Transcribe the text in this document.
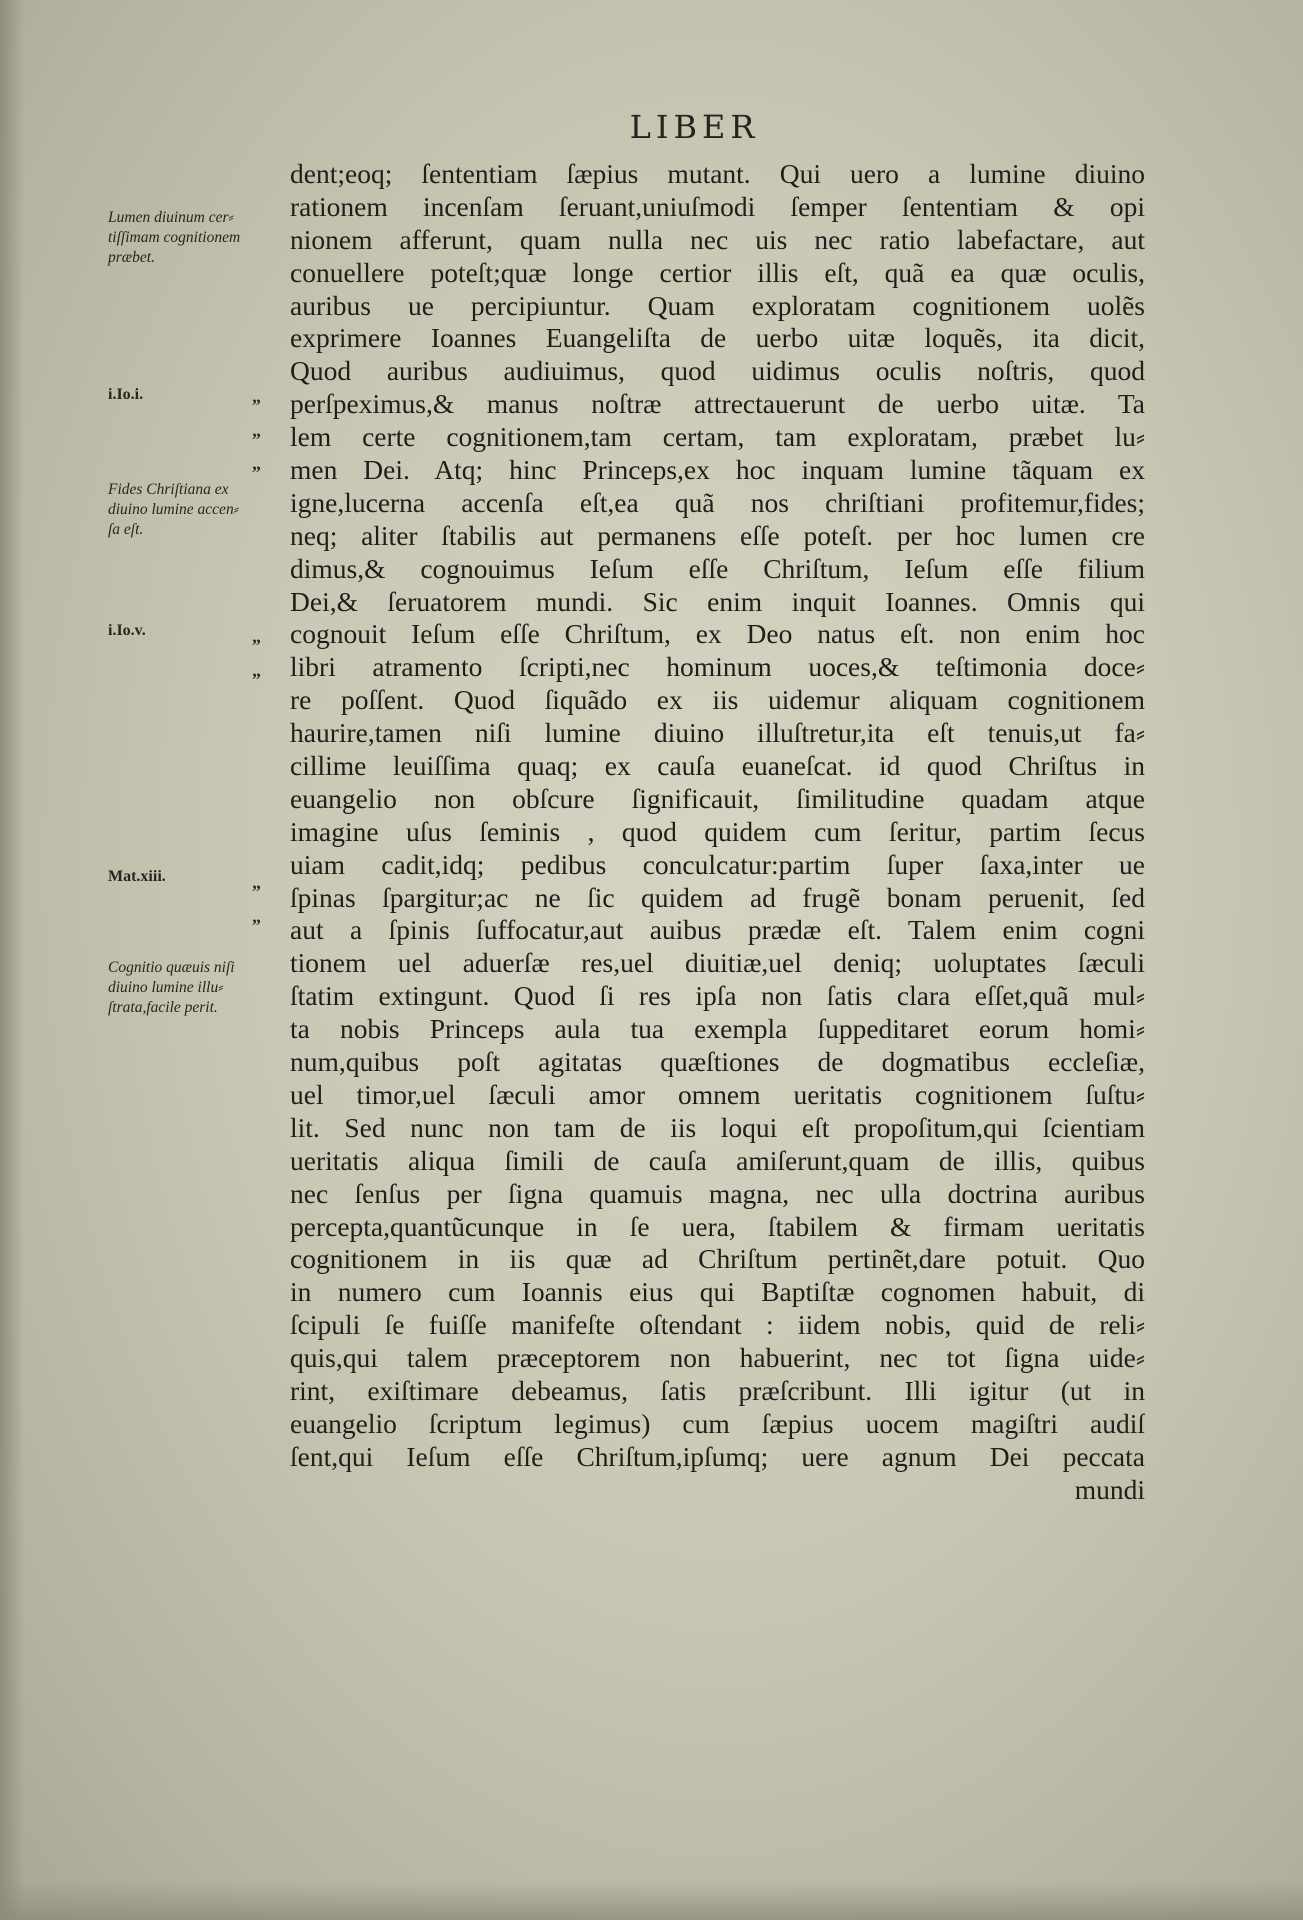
LIBER
Lumen diuinum cer⸗
tiſſimam cognitionem
præbet.
Fides Chriſtiana ex
diuino lumine accen⸗
ſa eſt.
Cognitio quæuis niſi
diuino lumine illu⸗
ſtrata,facile perit.
i.Io.i.
i.Io.v.
Mat.xiii.
„
„
„
„
„
„
„
dent;eoq; ſententiam ſæpius mutant. Qui uero a lumine diuino
rationem incenſam ſeruant,uniuſmodi ſemper ſententiam & opi
nionem afferunt, quam nulla nec uis nec ratio labefactare, aut
conuellere poteſt;quæ longe certior illis eſt, quã ea quæ oculis,
auribus ue percipiuntur. Quam exploratam cognitionem uolẽs
exprimere Ioannes Euangeliſta de uerbo uitæ loquẽs, ita dicit,
Quod auribus audiuimus, quod uidimus oculis noſtris, quod
perſpeximus,& manus noſtræ attrectauerunt de uerbo uitæ. Ta
lem certe cognitionem,tam certam, tam exploratam, præbet lu⸗
men Dei. Atq; hinc Princeps,ex hoc inquam lumine tãquam ex
igne,lucerna accenſa eſt,ea quã nos chriſtiani profitemur,fides;
neq; aliter ſtabilis aut permanens eſſe poteſt. per hoc lumen cre
dimus,& cognouimus Ieſum eſſe Chriſtum, Ieſum eſſe filium
Dei,& ſeruatorem mundi. Sic enim inquit Ioannes. Omnis qui
cognouit Ieſum eſſe Chriſtum, ex Deo natus eſt. non enim hoc
libri atramento ſcripti,nec hominum uoces,& teſtimonia doce⸗
re poſſent. Quod ſiquãdo ex iis uidemur aliquam cognitionem
haurire,tamen niſi lumine diuino illuſtretur,ita eſt tenuis,ut fa⸗
cillime leuiſſima quaq; ex cauſa euaneſcat. id quod Chriſtus in
euangelio non obſcure ſignificauit, ſimilitudine quadam atque
imagine uſus ſeminis , quod quidem cum ſeritur, partim ſecus
uiam cadit,idq; pedibus conculcatur:partim ſuper ſaxa,inter ue
ſpinas ſpargitur;ac ne ſic quidem ad frugẽ bonam peruenit, ſed
aut a ſpinis ſuffocatur,aut auibus prædæ eſt. Talem enim cogni
tionem uel aduerſæ res,uel diuitiæ,uel deniq; uoluptates ſæculi
ſtatim extingunt. Quod ſi res ipſa non ſatis clara eſſet,quã mul⸗
ta nobis Princeps aula tua exempla ſuppeditaret eorum homi⸗
num,quibus poſt agitatas quæſtiones de dogmatibus eccleſiæ,
uel timor,uel ſæculi amor omnem ueritatis cognitionem ſuſtu⸗
lit. Sed nunc non tam de iis loqui eſt propoſitum,qui ſcientiam
ueritatis aliqua ſimili de cauſa amiſerunt,quam de illis, quibus
nec ſenſus per ſigna quamuis magna, nec ulla doctrina auribus
percepta,quantũcunque in ſe uera, ſtabilem & firmam ueritatis
cognitionem in iis quæ ad Chriſtum pertinẽt,dare potuit. Quo
in numero cum Ioannis eius qui Baptiſtæ cognomen habuit, di
ſcipuli ſe fuiſſe manifeſte oſtendant : iidem nobis, quid de reli⸗
quis,qui talem præceptorem non habuerint, nec tot ſigna uide⸗
rint, exiſtimare debeamus, ſatis præſcribunt. Illi igitur (ut in
euangelio ſcriptum legimus) cum ſæpius uocem magiſtri audiſ
ſent,qui Ieſum eſſe Chriſtum,ipſumq; uere agnum Dei peccata
mundi
